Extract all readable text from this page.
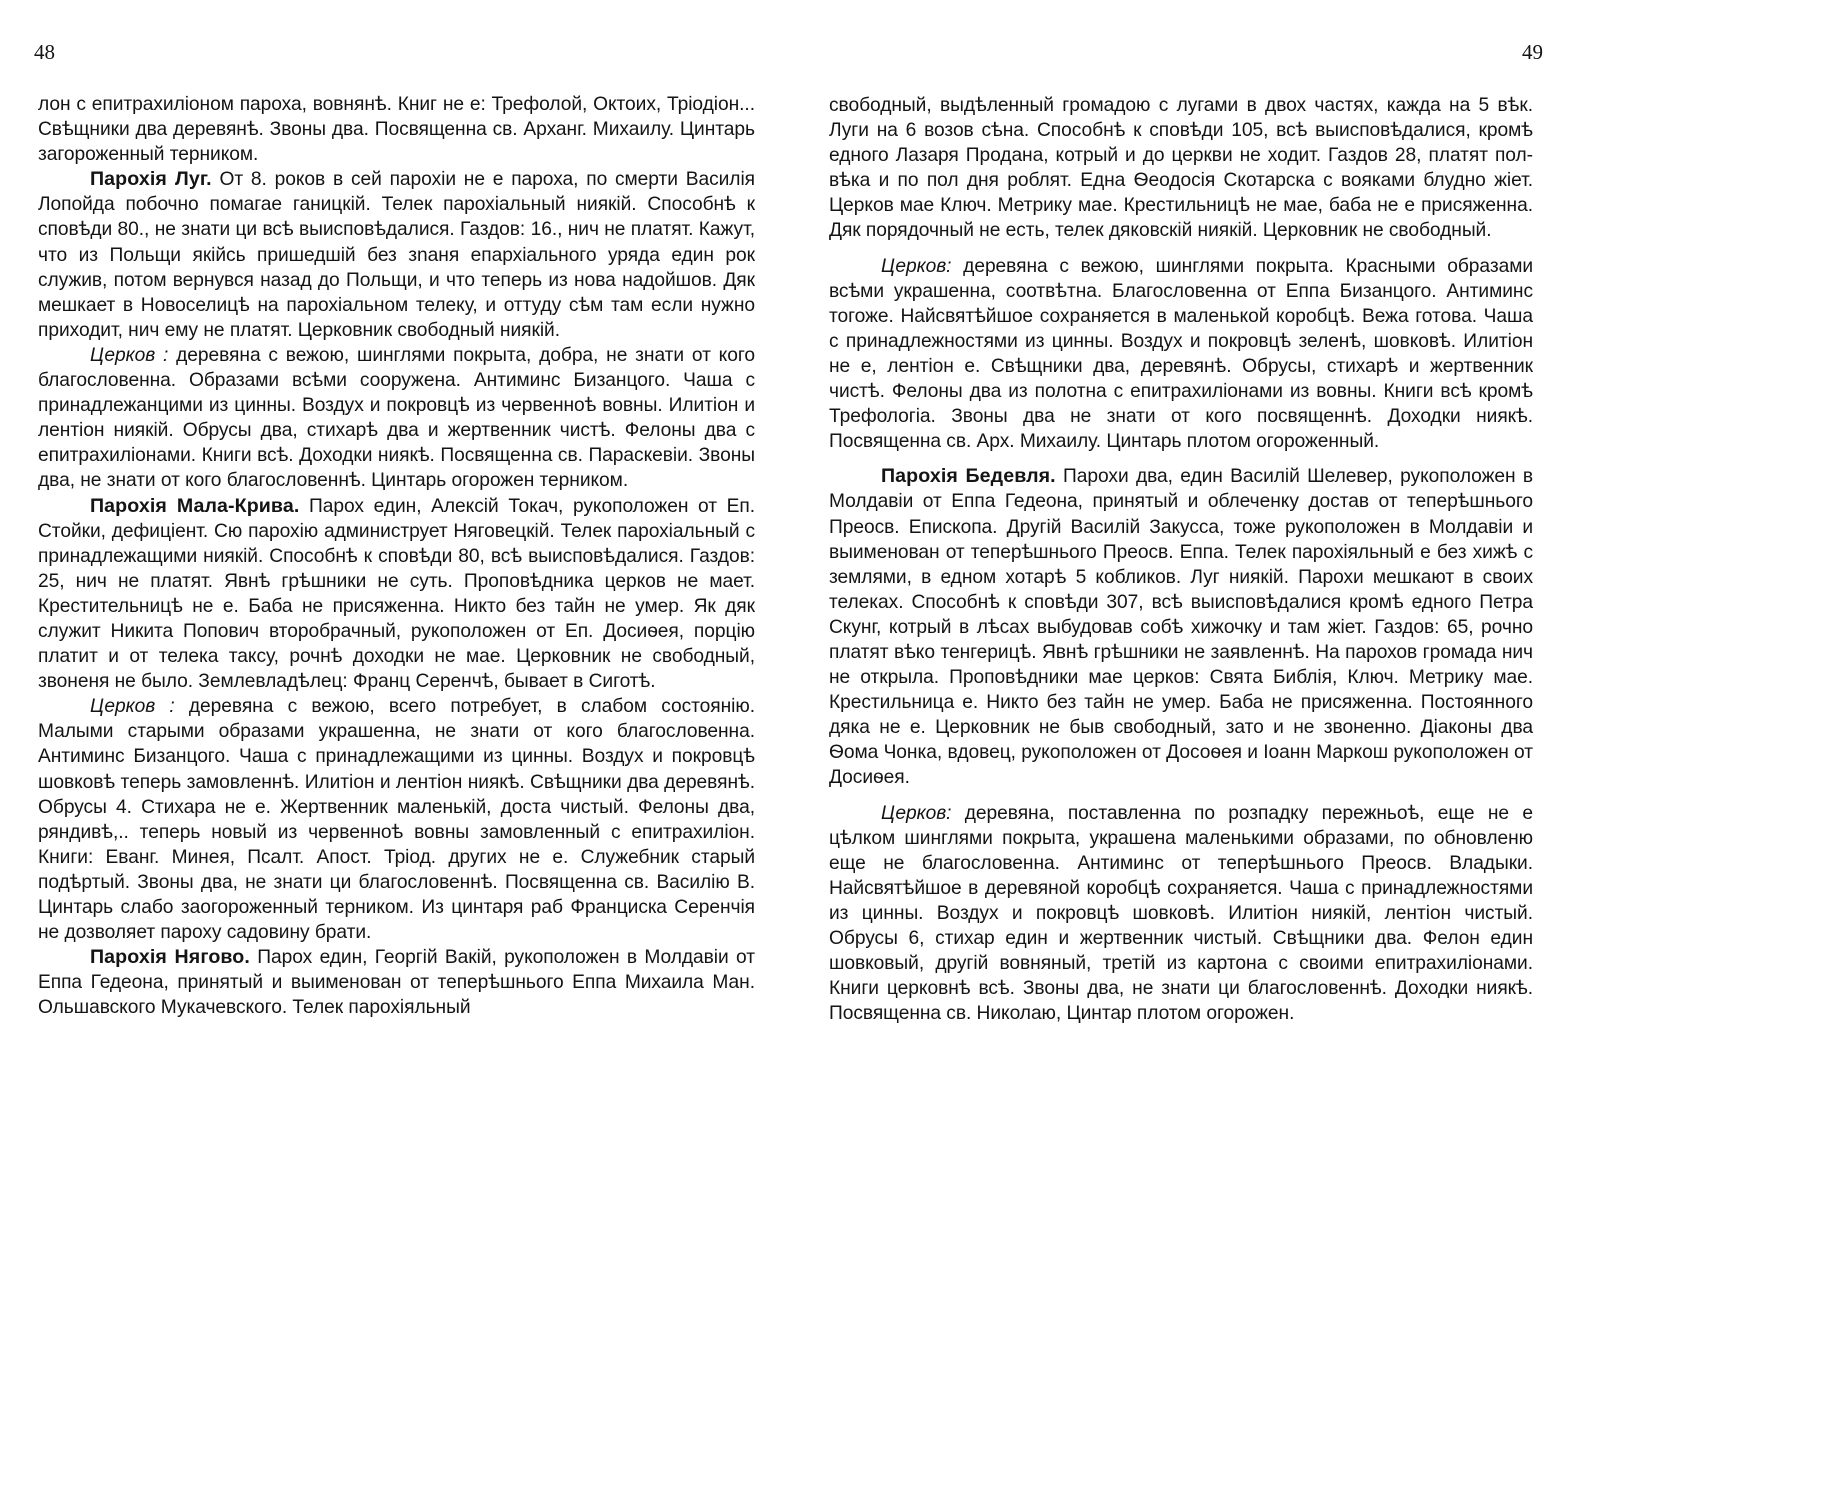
48

лон с епитрахиліоном пароха, вовнянѣ. Книг не е: Трефолой, Октоих, Тріодіон... Свѣщники два деревянѣ. Звоны два. Посвященна св. Арханг. Михаилу. Цинтарь загороженный терником.

Парохія Луг. От 8. роков в сей парохіи не е пароха, по смерти Василія Лопойда побочно помагае ганицкій. Телек парохіальный ниякій. Способнѣ к сповѣди 80., не знати ци всѣ выисповѣдалися. Газдов: 16., нич не платят. Кажут, что из Польщи якійсь пришедшій без зnаня епархіального уряда един рок служив, потом вернувся назад до Польщи, и что теперь из нова надойшов. Дяк мешкает в Новоселицѣ на парохіальном телеку, и оттуду сѣм там если нужно приходит, нич ему не платят. Церковник свободный ниякій.

Церков : деревяна с вежою, шинглями покрыта, добра, не знати от кого благословенна. Образами всѣми сооружена. Антиминс Бизанцого. Чаша с принадлежанцими из цинны. Воздух и покровцѣ из червеннoѣ вовны. Илитіон и лентіон ниякій. Обрусы два, стихарѣ два и жертвенник чистѣ. Фелоны два с епитрахиліонами. Книги всѣ. Доходки ниякѣ. Посвященна св. Параскевіи. Звоны два, не знати от кого благословеннѣ. Цинтарь огорожен терником.

Парохія Мала-Крива. Парох един, Алексій Токач, рукоположен от Еп. Стойки, дефиціент. Сю парохію администрует Няговецкій. Телек парохіальный с принадлежащими ниякій. Способнѣ к сповѣди 80, всѣ выисповѣдалися. Газдов: 25, нич не платят. Явнѣ грѣшники не суть. Проповѣдника церков не мает. Крестительницѣ не е. Баба не присяженна. Никто без тайн не умер. Як дяк служит Никита Попович второбрачный, рукоположен от Еп. Досиѳея, порцію платит и от телека таксу, рочнѣ доходки не мае. Церковник не свободный, звоненя не было. Землевладѣлец: Франц Серенчѣ, бывает в Сиготѣ.

Церков : деревяна с вежою, всего потребует, в слабом состоянію. Малыми старыми образами украшенна, не знати от кого благословенна. Антиминс Бизанцого. Чаша с принадлежащими из цинны. Воздух и покровцѣ шовковѣ теперь замовленнѣ. Илитіон и лентіон ниякѣ. Свѣщники два деревянѣ. Обрусы 4. Стихара не е. Жертвенник маленькій, доста чистый. Фелоны два, ряндивѣ,.. теперь новый из червенноѣ вовны замовленный с епитрахиліон. Книги: Еванг. Минея, Псалт. Апост. Тріод. других не е. Служебник старый подѣртый. Звоны два, не знати ци благословеннѣ. Посвященна св. Василію В. Цинтарь слабо заогороженный терником. Из цинтаря раб Францискa Серенчія не дозволяет пароху садовину брати.

Парохія Нягово. Парох един, Георгій Вакій, рукоположен в Молдавіи от Еппа Гедеона, принятый и выименован от теперѣшнього Еппа Михаила Ман. Ольшавского Мукачевского. Телек парохіяльный

49

свободный, выдѣленный громадою с лугами в двох частях, кажда на 5 вѣк. Луги на 6 возов сѣна. Способнѣ к сповѣди 105, всѣ выисповѣдалися, кромѣ едного Лазаря Продана, котрый и до церкви не ходит. Газдов 28, платят пол-вѣка и по пол дня роблят. Една Ѳеодосія Скотарска с вояками блудно жіет. Церков мае Ключ. Метрику мае. Крестильницѣ не мае, баба не е присяженна. Дяк порядочный не есть, телек дяковскій ниякій. Церковник не свободный.

Церков: деревяна с вежою, шинглями покрыта. Красными образами всѣми украшенна, соотвѣтна. Благословенна от Еппа Бизанцого. Антиминс тогоже. Найсвятѣйшое сохраняется в маленькой коробцѣ. Вежа готова. Чаша с принадлежностями из цинны. Воздух и покровцѣ зеленѣ, шовковѣ. Илитіон не е, лентіон е. Свѣщники два, деревянѣ. Обрусы, стихарѣ и жертвенник чистѣ. Фелоны два из полотна с епитрахиліонами из вовны. Книги всѣ кромѣ Трефологіа. Звоны два не знати от кого посвященнѣ. Доходки ниякѣ. Посвященна св. Арх. Михаилу. Цинтарь плотом огороженный.

Парохія Бедевля. Парохи два, един Василій Шелевер, рукоположен в Молдавіи от Еппа Гедеона, принятый и облеченку достав от теперѣшнього Преосв. Епископа. Другій Василій Закусса, тоже рукоположен в Молдавіи и выименован от теперѣшнього Преосв. Еппа. Телек парохіяльный е без хижѣ с землями, в едном хотарѣ 5 кобликов. Луг ниякій. Парохи мешкают в своих телеках. Способнѣ к сповѣди 307, всѣ выисповѣдалися кромѣ едного Петра Скунг, котрый в лѣсах выбудовав собѣ хижочку и там жіет. Газдов: 65, рочно платят вѣко тенгерицѣ. Явнѣ грѣшники не заявленнѣ. На парохов громада нич не открыла. Проповѣдники мае церков: Свята Библія, Ключ. Метрику мае. Крестильница е. Никто без тайн не умер. Баба не присяженна. Постоянного дяка не е. Церковник не быв свободный, зато и не звоненно. Діаконы два Ѳома Чонка, вдовец, рукоположен от Досоѳея и Іоанн Маркош рукоположен от Досиѳея.

Церков: деревяна, поставленна по розпадку пережньоѣ, еще не е цѣлком шинглями покрыта, украшена маленькими образами, по обновленю еще не благословенна. Антиминс от теперѣшнього Преосв. Владыки. Найсвятѣйшое в деревяной коробцѣ сохраняется. Чаша с принадлежностями из цинны. Воздух и покровцѣ шовковѣ. Илитіон ниякій, лентіон чистый. Обрусы 6, стихар един и жертвенник чистый. Свѣщники два. Фелон един шовковый, другій вовняный, третій из картона с своими епитрахиліонами. Книги церковнѣ всѣ. Звоны два, не знати ци благословеннѣ. Доходки ниякѣ. Посвященна св. Николаю, Цинтар плотом огорожен.
